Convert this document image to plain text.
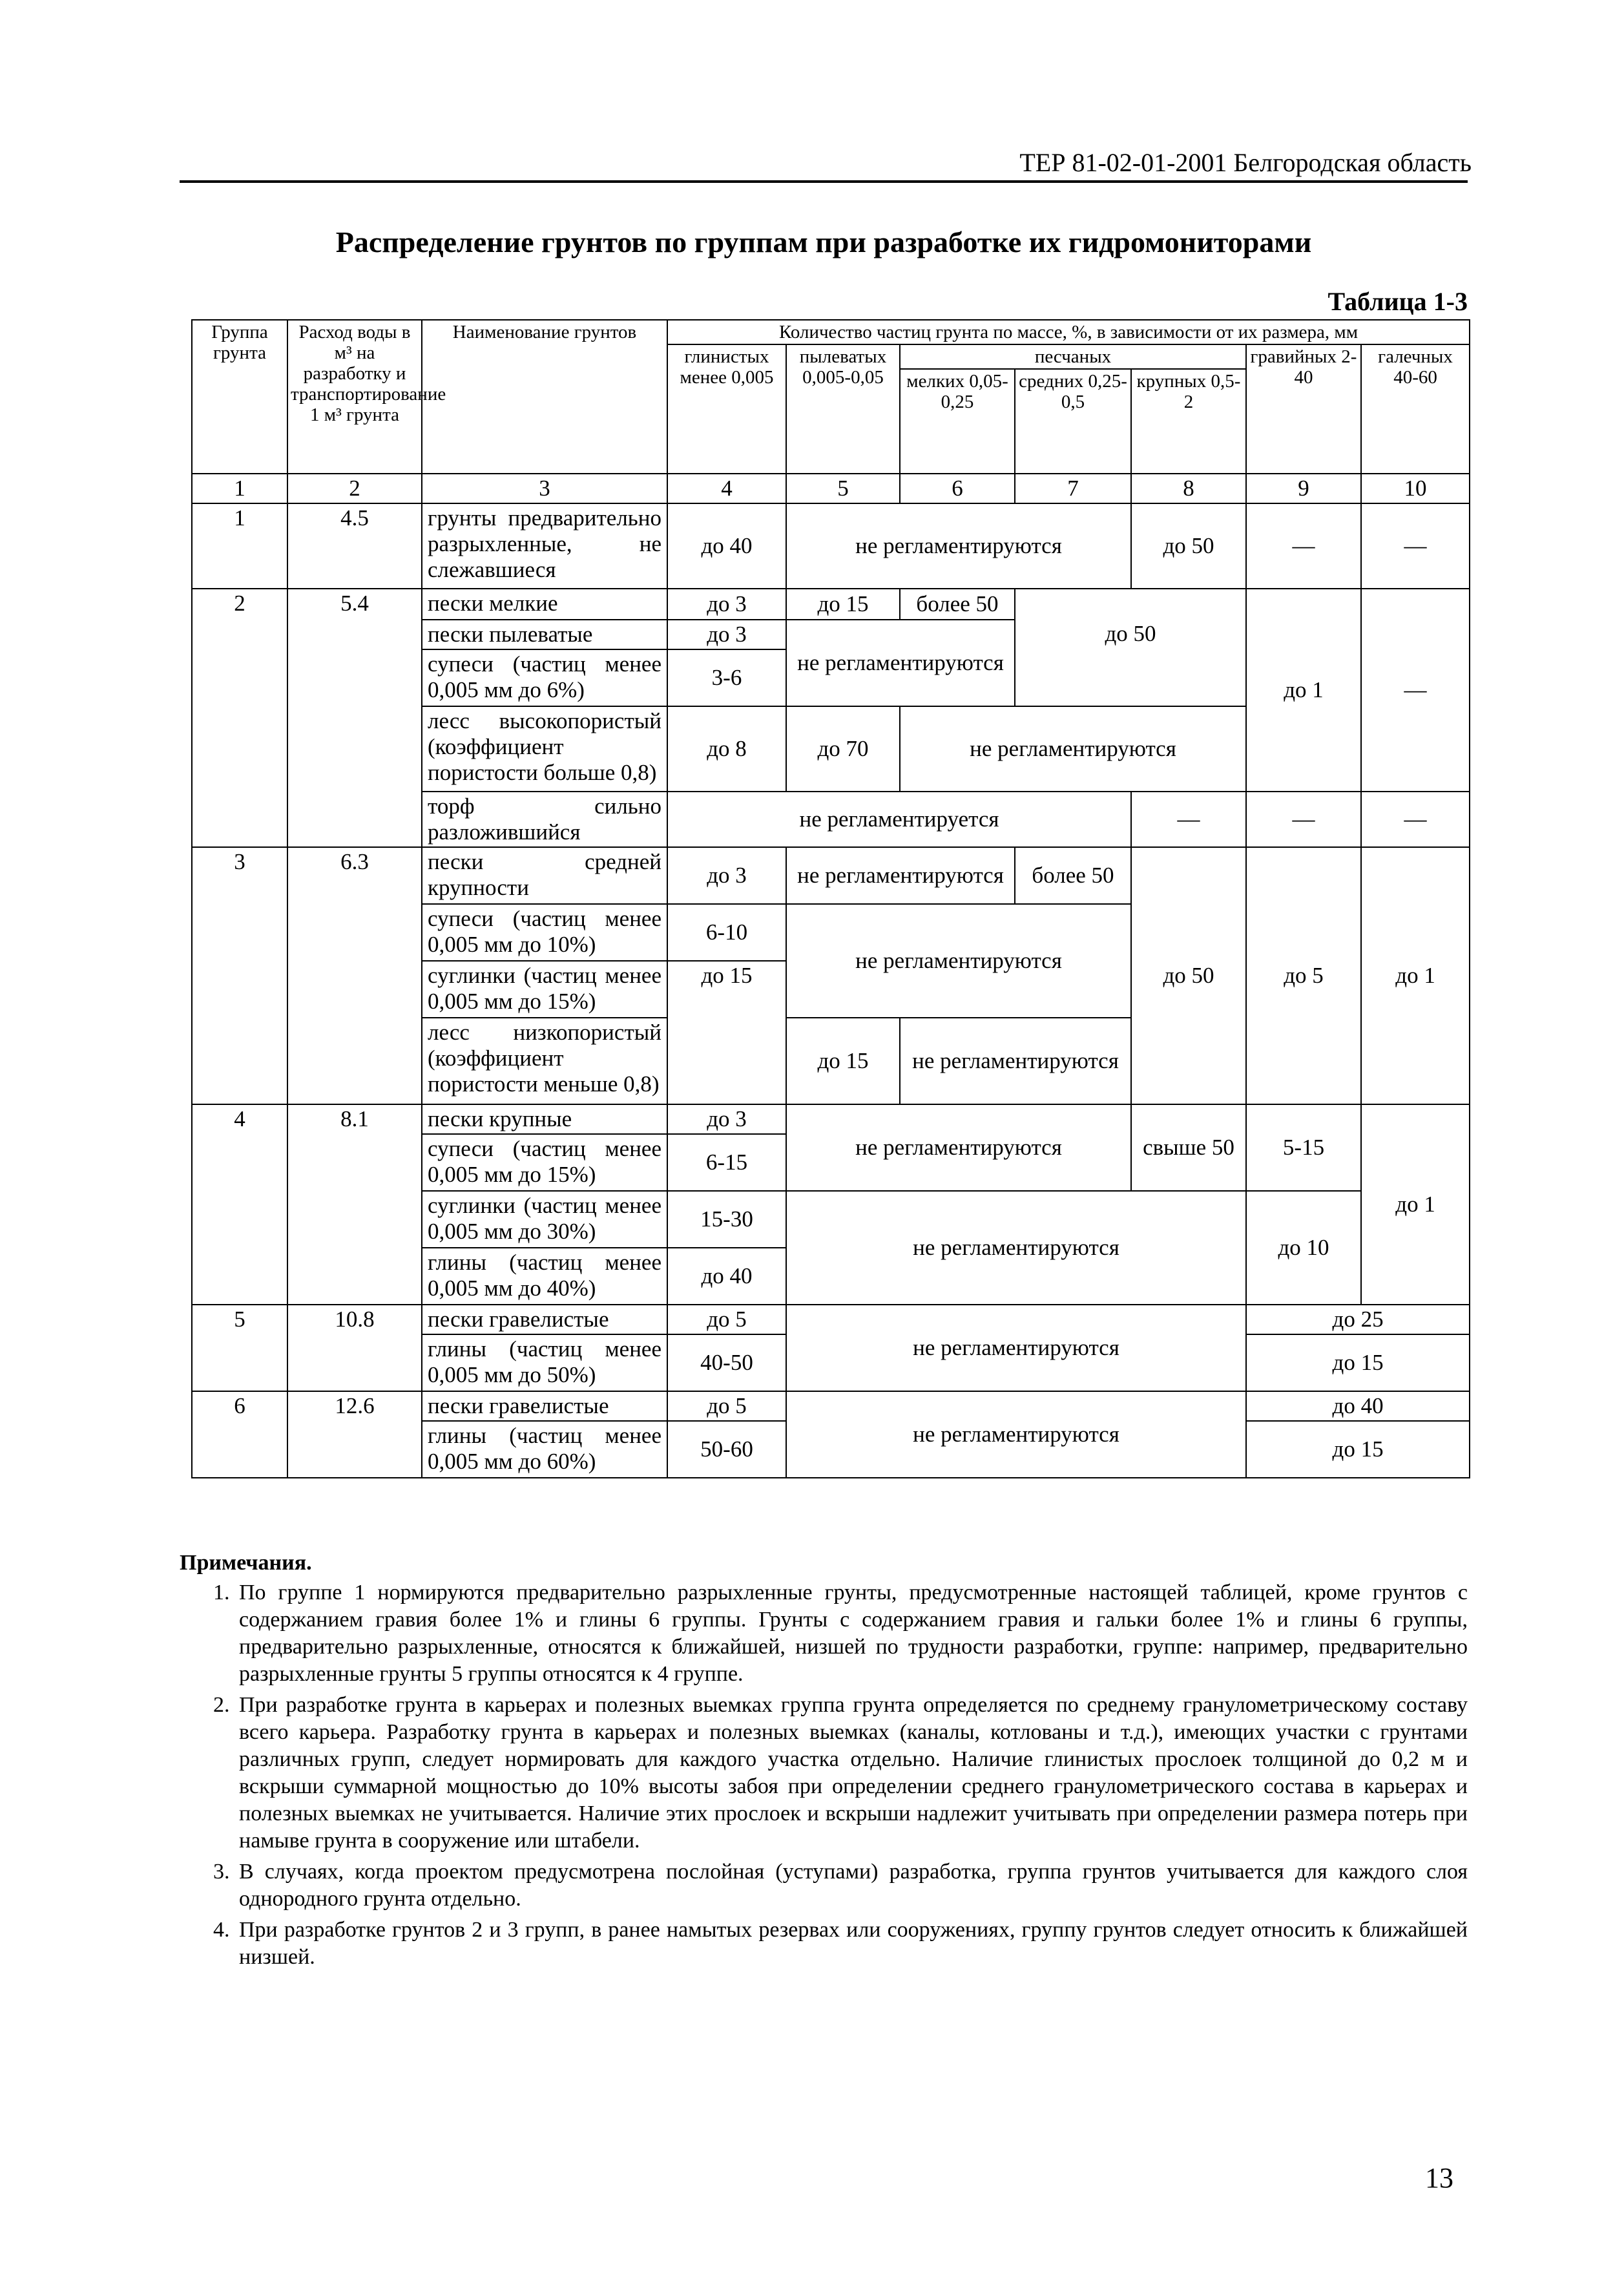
ТЕР 81-02-01-2001 Белгородская область
Распределение грунтов по группам при разработке их гидромониторами
Таблица 1-3
Группа грунта	Расход воды в м³ на разработку и транспортирование 1 м³ грунта	Наименование грунтов	Количество частиц грунта по массе, %, в зависимости от их размера, мм						
			глинистых менее 0,005	пылеватых 0,005-0,05	песчаных			гравийных 2-40	галечных 40-60
					мелких 0,05-0,25	средних 0,25-0,5	крупных 0,5-2		

1	2	3	4	5	6	7	8	9	10
1	4.5	грунты предварительно разрыхленные, не слежавшиеся	до 40	не регламентируются			до 50	—	—
2	5.4	пески мелкие	до 3	до 15	более 50			до 1	—
		пески пылеватые	до 3	не регламентируются		до 50			
		супеси (частиц менее 0,005 мм до 6%)	3-6						
		лесс высокопористый (коэффициент пористости больше 0,8)	до 8	до 70	не регламентируются				
		торф сильно разложившийся	не регламентируется				—	—	—
3	6.3	пески средней крупности	до 3	не регламентируются		более 50	до 50	до 5	до 1
		супеси (частиц менее 0,005 мм до 10%)	6-10	не регламентируются					
		суглинки (частиц менее 0,005 мм до 15%)	до 15						
		лесс низкопористый (коэффициент пористости меньше 0,8)		до 15	не регламентируются				
4	8.1	пески крупные	до 3	не регламентируются			свыше 50	5-15	до 1
		супеси (частиц менее 0,005 мм до 15%)	6-15						
		суглинки (частиц менее 0,005 мм до 30%)	15-30	не регламентируются				до 10	
		глины (частиц менее 0,005 мм до 40%)	до 40						
5	10.8	пески гравелистые	до 5	не регламентируются				до 25	
		глины (частиц менее 0,005 мм до 50%)	40-50					до 15	
6	12.6	пески гравелистые	до 5	не регламентируются				до 40	
		глины (частиц менее 0,005 мм до 60%)	50-60					до 15	
Примечания.
1. По группе 1 нормируются предварительно разрыхленные грунты, предусмотренные настоящей таблицей, кроме грунтов с содержанием гравия более 1% и глины 6 группы. Грунты с содержанием гравия и гальки более 1% и глины 6 группы, предварительно разрыхленные, относятся к ближайшей, низшей по трудности разработки, группе: например, предварительно разрыхленные грунты 5 группы относятся к 4 группе.
2. При разработке грунта в карьерах и полезных выемках группа грунта определяется по среднему гранулометрическому составу всего карьера. Разработку грунта в карьерах и полезных выемках (каналы, котлованы и т.д.), имеющих участки с грунтами различных групп, следует нормировать для каждого участка отдельно. Наличие глинистых прослоек толщиной до 0,2 м и вскрыши суммарной мощностью до 10% высоты забоя при определении среднего гранулометрического состава в карьерах и полезных выемках не учитывается. Наличие этих прослоек и вскрыши надлежит учитывать при определении размера потерь при намыве грунта в сооружение или штабели.
3. В случаях, когда проектом предусмотрена послойная (уступами) разработка, группа грунтов учитывается для каждого слоя однородного грунта отдельно.
4. При разработке грунтов 2 и 3 групп, в ранее намытых резервах или сооружениях, группу грунтов следует относить к ближайшей низшей.
13
